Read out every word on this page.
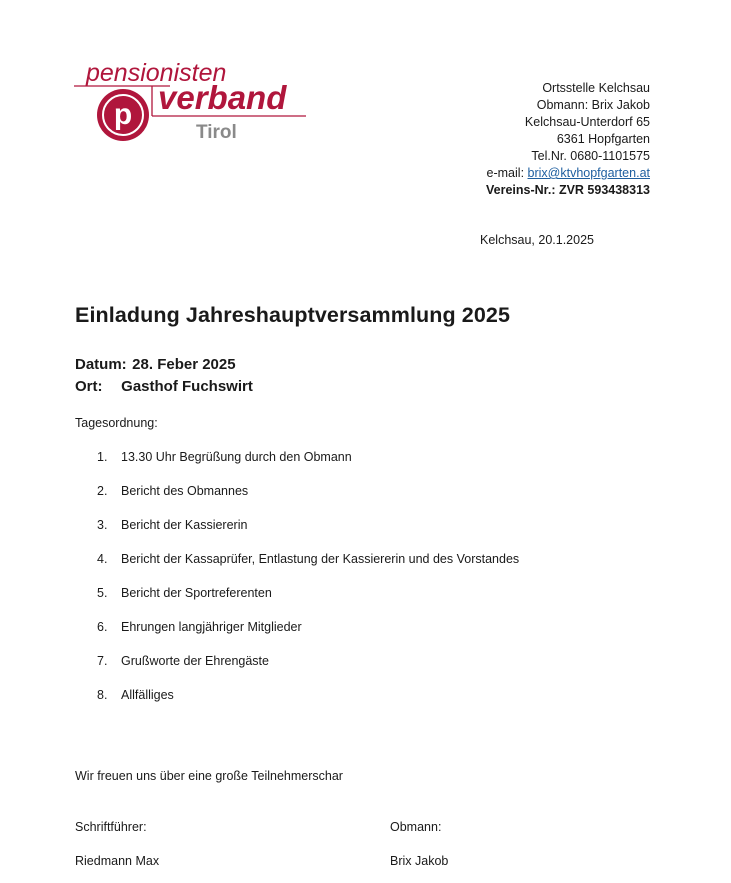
pensionisten
p verband
Tirol
Ortsstelle Kelchsau
Obmann: Brix Jakob
Kelchsau-Unterdorf 65
6361 Hopfgarten
Tel.Nr. 0680-1101575
e-mail: brix@ktvhopfgarten.at
Vereins-Nr.: ZVR 593438313
Kelchsau, 20.1.2025
Einladung Jahreshauptversammlung 2025
Datum: 28. Feber 2025
Ort: Gasthof Fuchswirt
Tagesordnung:
1.	13.30 Uhr Begrüßung durch den Obmann
2.	Bericht des Obmannes
3.	Bericht der Kassiererin
4.	Bericht der Kassaprüfer, Entlastung der Kassiererin und des Vorstandes
5.	Bericht der Sportreferenten
6.	Ehrungen langjähriger Mitglieder
7.	Grußworte der Ehrengäste
8.	Allfälliges
Wir freuen uns über eine große Teilnehmerschar
Schriftführer:
Riedmann Max
Obmann:
Brix Jakob
